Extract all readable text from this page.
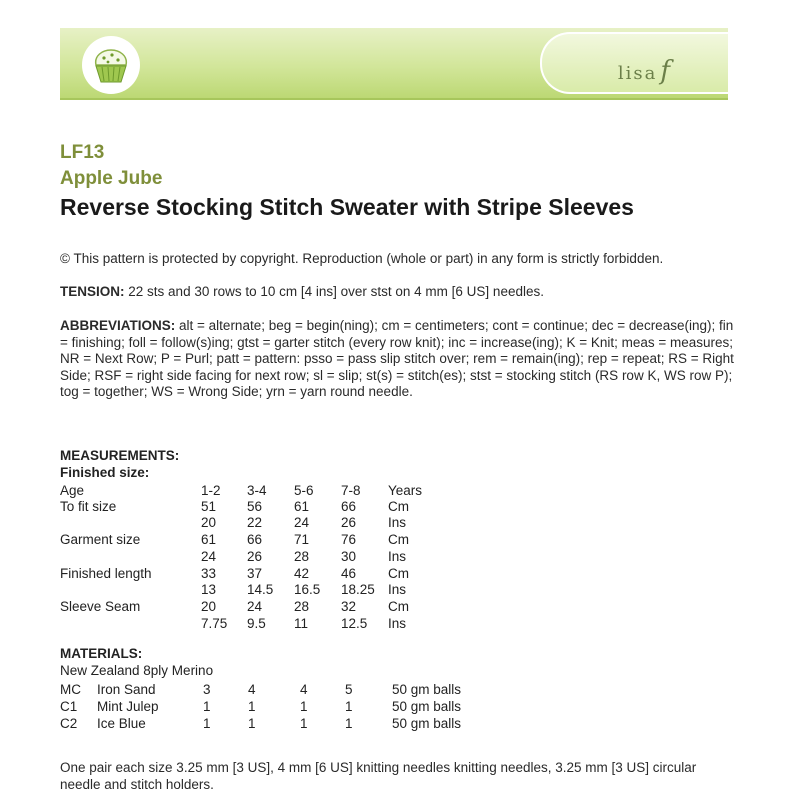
lisa f
LF13
Apple Jube
Reverse Stocking Stitch Sweater with Stripe Sleeves
© This pattern is protected by copyright. Reproduction (whole or part) in any form is strictly forbidden.
TENSION: 22 sts and 30 rows to 10 cm [4 ins] over stst on 4 mm [6 US] needles.
ABBREVIATIONS: alt = alternate; beg = begin(ning); cm = centimeters; cont = continue; dec = decrease(ing); fin = finishing; foll = follow(s)ing; gtst = garter stitch (every row knit); inc = increase(ing); K = Knit; meas = measures; NR = Next Row; P = Purl; patt = pattern: psso = pass slip stitch over; rem = remain(ing); rep = repeat; RS = Right Side; RSF = right side facing for next row; sl = slip; st(s) = stitch(es); stst = stocking stitch (RS row K, WS row P); tog = together; WS = Wrong Side; yrn = yarn round needle.
MEASUREMENTS:
Finished size:
Age	1-2 3-4 5-6 7-8 Years
To fit size	51 56 61 66 Cm
20 22 24 26 Ins
Garment size	61 66 71 76 Cm
24 26 28 30 Ins
Finished length	33 37 42 46 Cm
13 14.5 16.5 18.25 Ins
Sleeve Seam	20 24 28 32 Cm
7.75 9.5 11 12.5 Ins
MATERIALS:
New Zealand 8ply Merino
MC Iron Sand	3	4	4	5	50 gm balls
C1 Mint Julep	1	1	1	1	50 gm balls
C2 Ice Blue	1	1	1	1	50 gm balls
One pair each size 3.25 mm [3 US], 4 mm [6 US] knitting needles knitting needles, 3.25 mm [3 US] circular needle and stitch holders.
